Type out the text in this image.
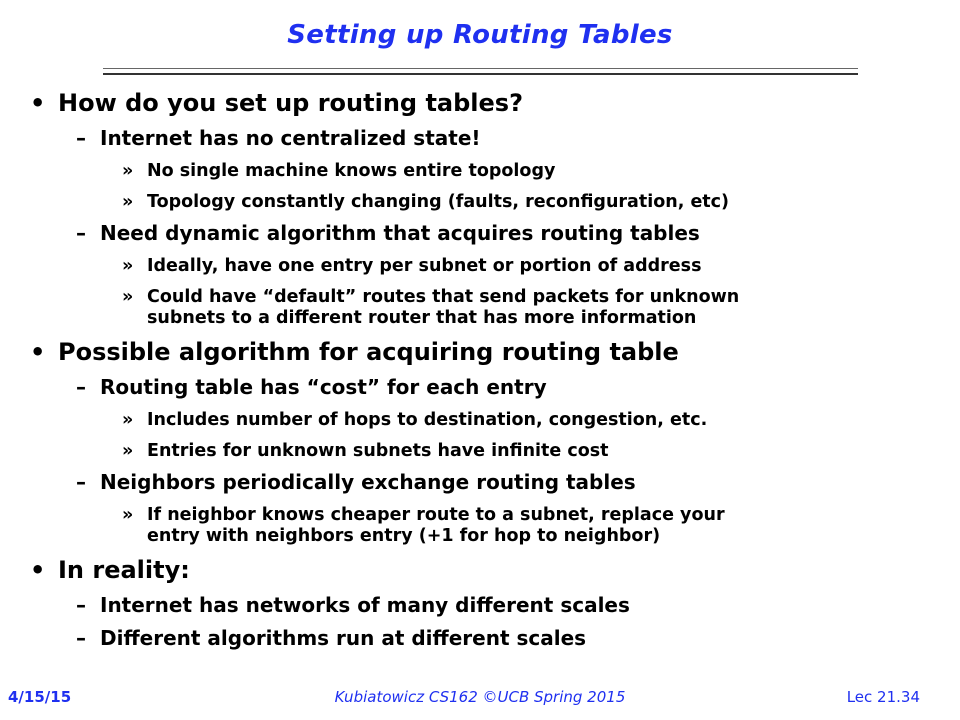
Setting up Routing Tables
• How do you set up routing tables?
– Internet has no centralized state!
» No single machine knows entire topology
» Topology constantly changing (faults, reconfiguration, etc)
– Need dynamic algorithm that acquires routing tables
» Ideally, have one entry per subnet or portion of address
» Could have “default” routes that send packets for unknown
subnets to a different router that has more information
• Possible algorithm for acquiring routing table
– Routing table has “cost” for each entry
» Includes number of hops to destination, congestion, etc.
» Entries for unknown subnets have infinite cost
– Neighbors periodically exchange routing tables
» If neighbor knows cheaper route to a subnet, replace your
entry with neighbors entry (+1 for hop to neighbor)
• In reality:
– Internet has networks of many different scales
– Different algorithms run at different scales
4/15/15	Kubiatowicz CS162 ©UCB Spring 2015	Lec 21.34
